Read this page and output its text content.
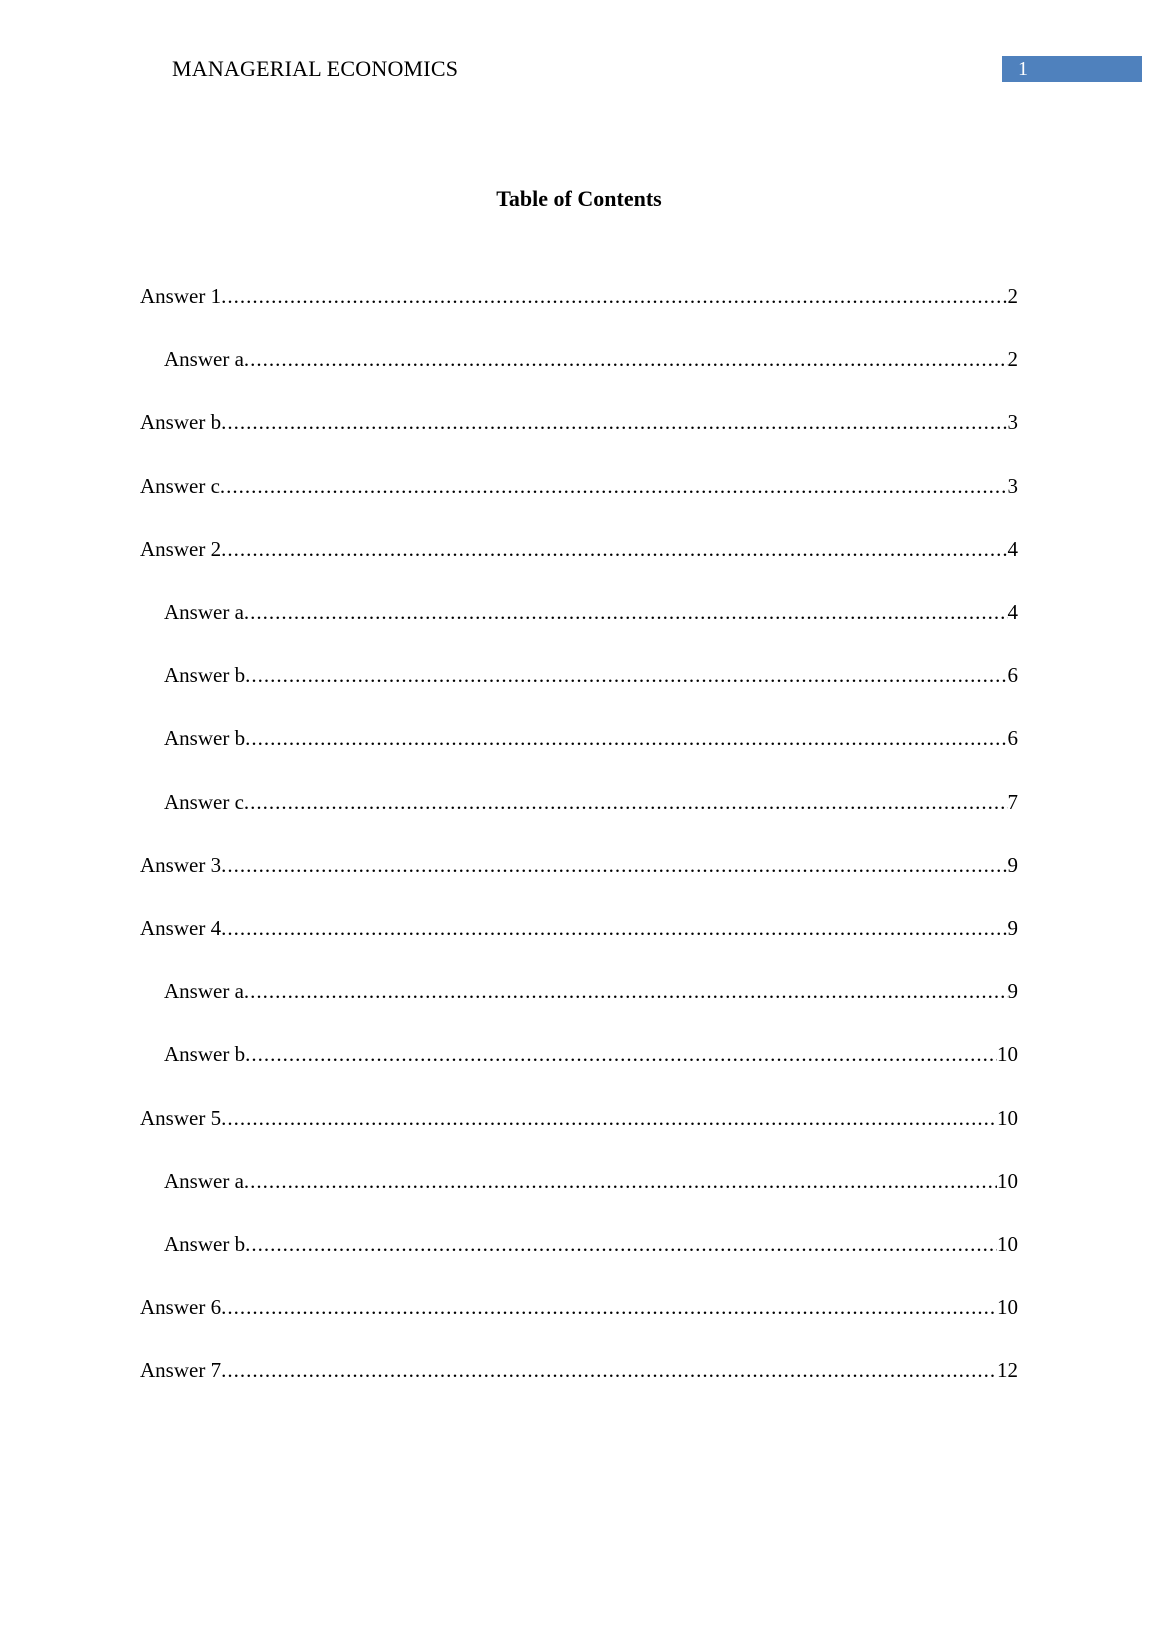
MANAGERIAL ECONOMICS	1
Table of Contents
Answer 1 .....	2
Answer a .....	2
Answer b .....	3
Answer c .....	3
Answer 2 .....	4
Answer a .....	4
Answer b .....	6
Answer b .....	6
Answer c .....	7
Answer 3 .....	9
Answer 4 .....	9
Answer a .....	9
Answer b .....	10
Answer 5 .....	10
Answer a .....	10
Answer b .....	10
Answer 6 .....	10
Answer 7 .....	12
